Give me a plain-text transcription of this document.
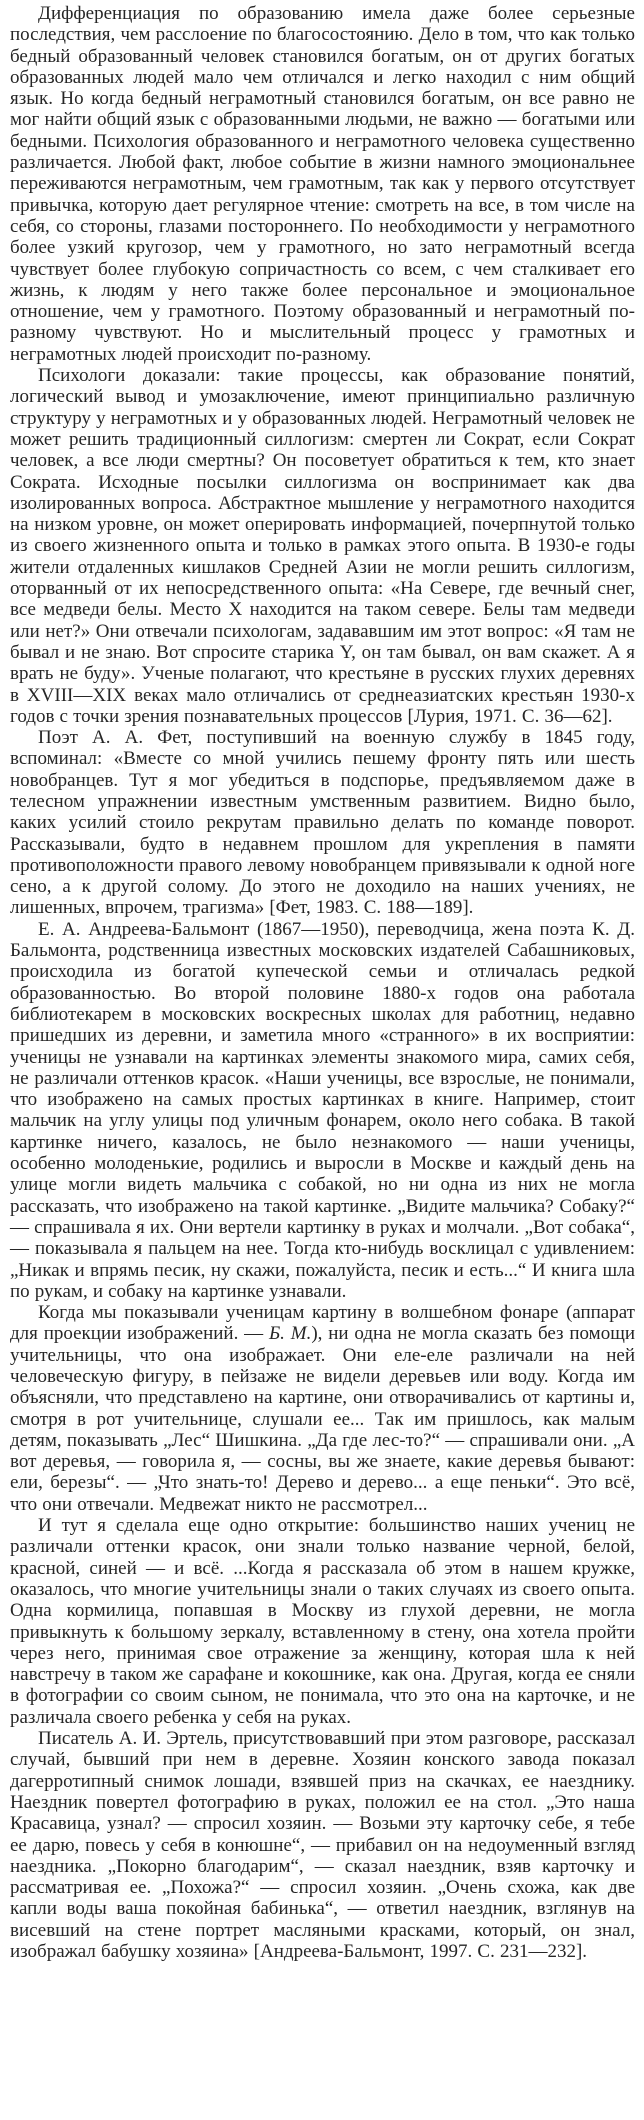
Дифференциация по образованию имела даже более серьезные последствия, чем расслоение по благосостоянию. Дело в том, что как только бедный образованный человек становился богатым, он от других богатых образованных людей мало чем отличался и легко находил с ним общий язык. Но когда бедный неграмотный становился богатым, он все равно не мог найти общий язык с образованными людьми, не важно — богатыми или бедными. Психология образованного и неграмотного человека существенно различается. Любой факт, любое событие в жизни намного эмоциональнее переживаются неграмотным, чем грамотным, так как у первого отсутствует привычка, которую дает регулярное чтение: смотреть на все, в том числе на себя, со стороны, глазами постороннего. По необходимости у неграмотного более узкий кругозор, чем у грамотного, но зато неграмотный всегда чувствует более глубокую сопричастность со всем, с чем сталкивает его жизнь, к людям у него также более персональное и эмоциональное отношение, чем у грамотного. Поэтому образованный и неграмотный по-разному чувствуют. Но и мыслительный процесс у грамотных и неграмотных людей происходит по-разному.

Психологи доказали: такие процессы, как образование понятий, логический вывод и умозаключение, имеют принципиально различную структуру у неграмотных и у образованных людей. Неграмотный человек не может решить традиционный силлогизм: смертен ли Сократ, если Сократ человек, а все люди смертны? Он посоветует обратиться к тем, кто знает Сократа. Исходные посылки силлогизма он воспринимает как два изолированных вопроса. Абстрактное мышление у неграмотного находится на низком уровне, он может оперировать информацией, почерпнутой только из своего жизненного опыта и только в рамках этого опыта. В 1930-е годы жители отдаленных кишлаков Средней Азии не могли решить силлогизм, оторванный от их непосредственного опыта: «На Севере, где вечный снег, все медведи белы. Место X находится на таком севере. Белы там медведи или нет?» Они отвечали психологам, задававшим им этот вопрос: «Я там не бывал и не знаю. Вот спросите старика Y, он там бывал, он вам скажет. А я врать не буду». Ученые полагают, что крестьяне в русских глухих деревнях в XVIII—XIX веках мало отличались от среднеазиатских крестьян 1930-х годов с точки зрения познавательных процессов [Лурия, 1971. С. 36—62].

Поэт А. А. Фет, поступивший на военную службу в 1845 году, вспоминал: «Вместе со мной учились пешему фронту пять или шесть новобранцев. Тут я мог убедиться в подспорье, предъявляемом даже в телесном упражнении известным умственным развитием. Видно было, каких усилий стоило рекрутам правильно делать по команде поворот. Рассказывали, будто в недавнем прошлом для укрепления в памяти противоположности правого левому новобранцем привязывали к одной ноге сено, а к другой солому. До этого не доходило на наших учениях, не лишенных, впрочем, трагизма» [Фет, 1983. С. 188—189].

Е. А. Андреева-Бальмонт (1867—1950), переводчица, жена поэта К. Д. Бальмонта, родственница известных московских издателей Сабашниковых, происходила из богатой купеческой семьи и отличалась редкой образованностью. Во второй половине 1880-х годов она работала библиотекарем в московских воскресных школах для работниц, недавно пришедших из деревни, и заметила много «странного» в их восприятии: ученицы не узнавали на картинках элементы знакомого мира, самих себя, не различали оттенков красок. «Наши ученицы, все взрослые, не понимали, что изображено на самых простых картинках в книге. Например, стоит мальчик на углу улицы под уличным фонарем, около него собака. В такой картинке ничего, казалось, не было незнакомого — наши ученицы, особенно молоденькие, родились и выросли в Москве и каждый день на улице могли видеть мальчика с собакой, но ни одна из них не могла рассказать, что изображено на такой картинке. „Видите мальчика? Собаку?“ — спрашивала я их. Они вертели картинку в руках и молчали. „Вот собака“, — показывала я пальцем на нее. Тогда кто-нибудь восклицал с удивлением: „Никак и впрямь песик, ну скажи, пожалуйста, песик и есть...“ И книга шла по рукам, и собаку на картинке узнавали.

Когда мы показывали ученицам картину в волшебном фонаре (аппарат для проекции изображений. — Б. М.), ни одна не могла сказать без помощи учительницы, что она изображает. Они еле-еле различали на ней человеческую фигуру, в пейзаже не видели деревьев или воду. Когда им объясняли, что представлено на картине, они отворачивались от картины и, смотря в рот учительнице, слушали ее... Так им пришлось, как малым детям, показывать „Лес“ Шишкина. „Да где лес-то?“ — спрашивали они. „А вот деревья, — говорила я, — сосны, вы же знаете, какие деревья бывают: ели, березы“. — „Что знать-то! Дерево и дерево... а еще пеньки“. Это всё, что они отвечали. Медвежат никто не рассмотрел...

И тут я сделала еще одно открытие: большинство наших учениц не различали оттенки красок, они знали только название черной, белой, красной, синей — и всё. ...Когда я рассказала об этом в нашем кружке, оказалось, что многие учительницы знали о таких случаях из своего опыта. Одна кормилица, попавшая в Москву из глухой деревни, не могла привыкнуть к большому зеркалу, вставленному в стену, она хотела пройти через него, принимая свое отражение за женщину, которая шла к ней навстречу в таком же сарафане и кокошнике, как она. Другая, когда ее сняли в фотографии со своим сыном, не понимала, что это она на карточке, и не различала своего ребенка у себя на руках.

Писатель А. И. Эртель, присутствовавший при этом разговоре, рассказал случай, бывший при нем в деревне. Хозяин конского завода показал дагерротипный снимок лошади, взявшей приз на скачках, ее наезднику. Наездник повертел фотографию в руках, положил ее на стол. „Это наша Красавица, узнал? — спросил хозяин. — Возьми эту карточку себе, я тебе ее дарю, повесь у себя в конюшне“, — прибавил он на недоуменный взгляд наездника. „Покорно благодарим“, — сказал наездник, взяв карточку и рассматривая ее. „Похожа?“ — спросил хозяин. „Очень схожа, как две капли воды ваша покойная бабинька“, — ответил наездник, взглянув на висевший на стене портрет масляными красками, который, он знал, изображал бабушку хозяина» [Андреева-Бальмонт, 1997. С. 231—232].
